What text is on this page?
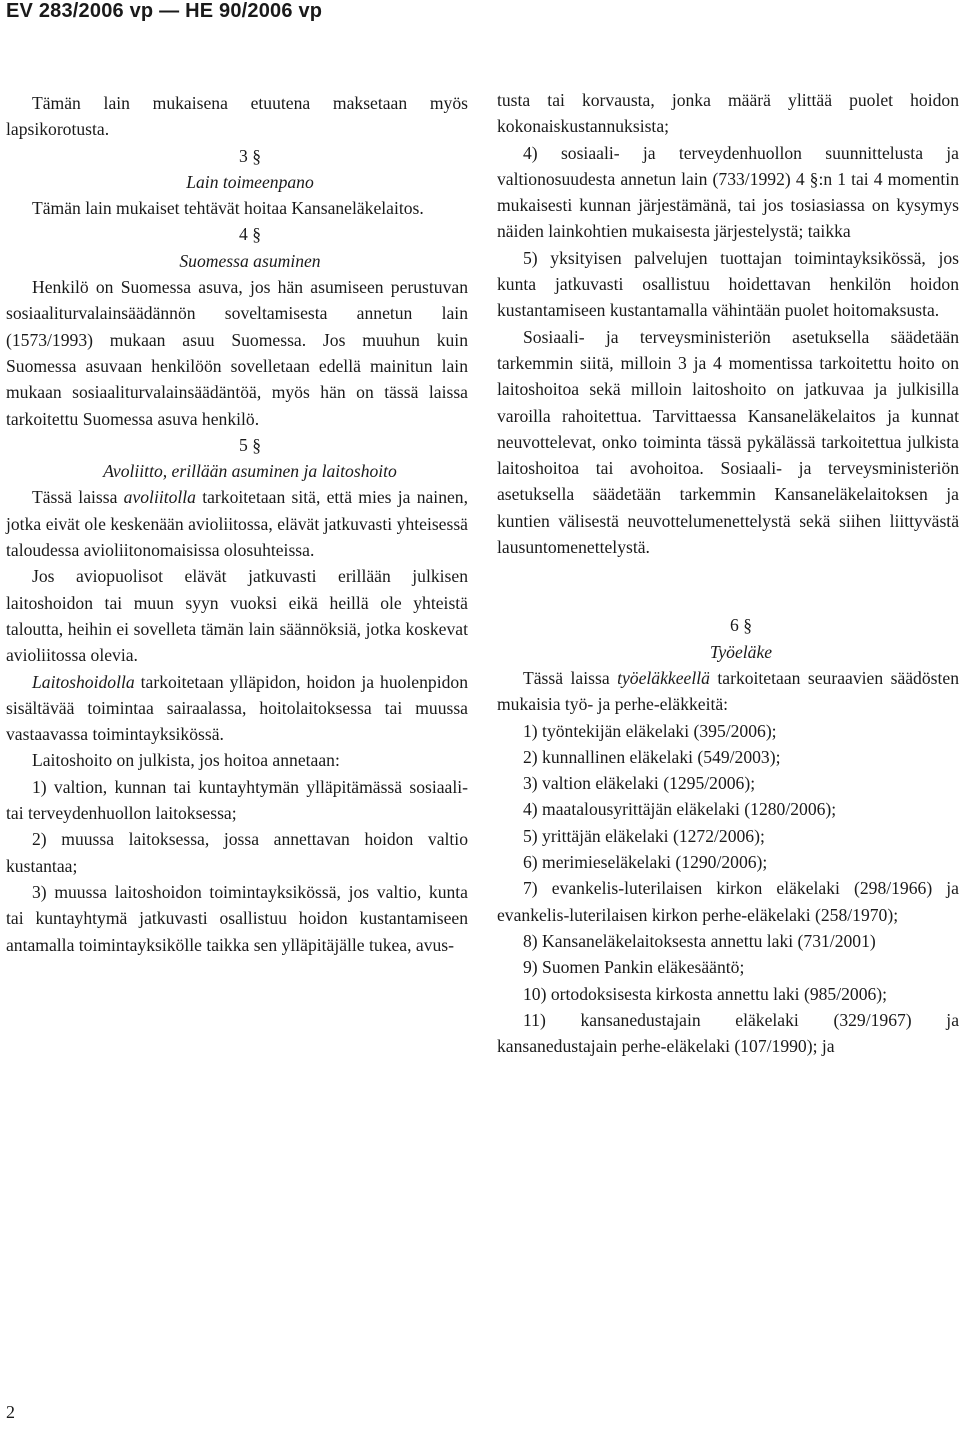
EV 283/2006 vp — HE 90/2006 vp

Tämän lain mukaisena etuutena maksetaan myös lapsikorotusta.

3 §

Lain toimeenpano

Tämän lain mukaiset tehtävät hoitaa Kansaneläkelaitos.

4 §

Suomessa asuminen

Henkilö on Suomessa asuva, jos hän asumiseen perustuvan sosiaaliturvalainsäädännön soveltamisesta annetun lain (1573/1993) mukaan asuu Suomessa. Jos muuhun kuin Suomessa asuvaan henkilöön sovelletaan edellä mainitun lain mukaan sosiaaliturvalainsäädäntöä, myös hän on tässä laissa tarkoitettu Suomessa asuva henkilö.

5 §

Avoliitto, erillään asuminen ja laitoshoito

Tässä laissa avoliitolla tarkoitetaan sitä, että mies ja nainen, jotka eivät ole keskenään avioliitossa, elävät jatkuvasti yhteisessä taloudessa avioliitonomaisissa olosuhteissa.

Jos aviopuolisot elävät jatkuvasti erillään julkisen laitoshoidon tai muun syyn vuoksi eikä heillä ole yhteistä taloutta, heihin ei sovelleta tämän lain säännöksiä, jotka koskevat avioliitossa olevia.

Laitoshoidolla tarkoitetaan ylläpidon, hoidon ja huolenpidon sisältävää toimintaa sairaalassa, hoitolaitoksessa tai muussa vastaavassa toimintayksikössä.

Laitoshoito on julkista, jos hoitoa annetaan:

1) valtion, kunnan tai kuntayhtymän ylläpitämässä sosiaali- tai terveydenhuollon laitoksessa;

2) muussa laitoksessa, jossa annettavan hoidon valtio kustantaa;

3) muussa laitoshoidon toimintayksikössä, jos valtio, kunta tai kuntayhtymä jatkuvasti osallistuu hoidon kustantamiseen antamalla toimintayksikölle taikka sen ylläpitäjälle tukea, avus-

tusta tai korvausta, jonka määrä ylittää puolet hoidon kokonaiskustannuksista;

4) sosiaali- ja terveydenhuollon suunnittelusta ja valtionosuudesta annetun lain (733/1992) 4 §:n 1 tai 4 momentin mukaisesti kunnan järjestämänä, tai jos tosiasiassa on kysymys näiden lainkohtien mukaisesta järjestelystä; taikka

5) yksityisen palvelujen tuottajan toimintayksikössä, jos kunta jatkuvasti osallistuu hoidettavan henkilön hoidon kustantamiseen kustantamalla vähintään puolet hoitomaksusta.

Sosiaali- ja terveysministeriön asetuksella säädetään tarkemmin siitä, milloin 3 ja 4 momentissa tarkoitettu hoito on laitoshoitoa sekä milloin laitoshoito on jatkuvaa ja julkisilla varoilla rahoitettua. Tarvittaessa Kansaneläkelaitos ja kunnat neuvottelevat, onko toiminta tässä pykälässä tarkoitettua julkista laitoshoitoa tai avohoitoa. Sosiaali- ja terveysministeriön asetuksella säädetään tarkemmin Kansaneläkelaitoksen ja kuntien välisestä neuvottelumenettelystä sekä siihen liittyvästä lausuntomenettelystä.

6 §

Työeläke

Tässä laissa työeläkkeellä tarkoitetaan seuraavien säädösten mukaisia työ- ja perhe-eläkkeitä:

1) työntekijän eläkelaki (395/2006);

2) kunnallinen eläkelaki (549/2003);

3) valtion eläkelaki (1295/2006);

4) maatalousyrittäjän eläkelaki (1280/2006);

5) yrittäjän eläkelaki (1272/2006);

6) merimieseläkelaki (1290/2006);

7) evankelis-luterilaisen kirkon eläkelaki (298/1966) ja evankelis-luterilaisen kirkon perhe-eläkelaki (258/1970);

8) Kansaneläkelaitoksesta annettu laki (731/2001)

9) Suomen Pankin eläkesääntö;

10) ortodoksisesta kirkosta annettu laki (985/2006);

11) kansanedustajain eläkelaki (329/1967) ja kansanedustajain perhe-eläkelaki (107/1990); ja

2
